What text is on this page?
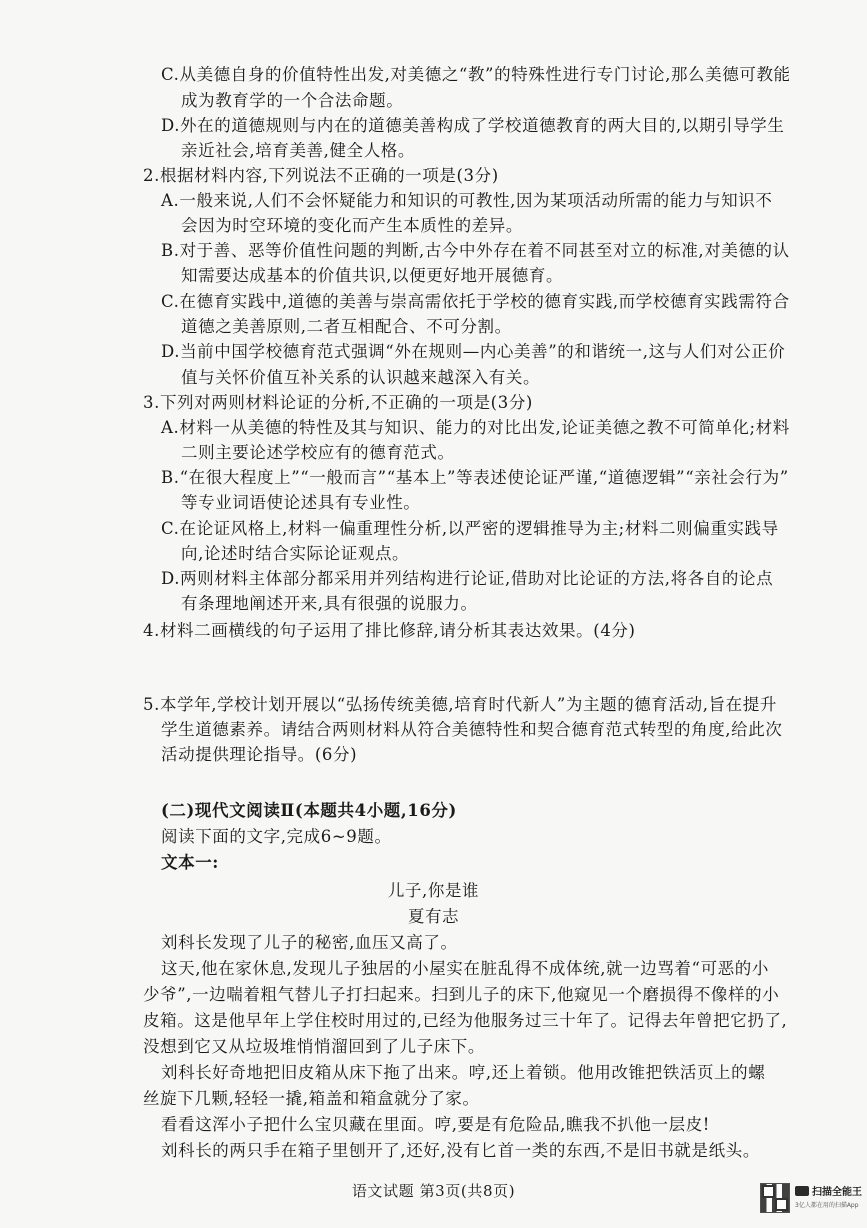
C.从美德自身的价值特性出发,对美德之“教”的特殊性进行专门讨论,那么美德可教能
成为教育学的一个合法命题。
D.外在的道德规则与内在的道德美善构成了学校道德教育的两大目的,以期引导学生
亲近社会,培育美善,健全人格。
2.根据材料内容,下列说法不正确的一项是(3分)
A.一般来说,人们不会怀疑能力和知识的可教性,因为某项活动所需的能力与知识不
会因为时空环境的变化而产生本质性的差异。
B.对于善、恶等价值性问题的判断,古今中外存在着不同甚至对立的标准,对美德的认
知需要达成基本的价值共识,以便更好地开展德育。
C.在德育实践中,道德的美善与崇高需依托于学校的德育实践,而学校德育实践需符合
道德之美善原则,二者互相配合、不可分割。
D.当前中国学校德育范式强调“外在规则—内心美善”的和谐统一,这与人们对公正价
值与关怀价值互补关系的认识越来越深入有关。
3.下列对两则材料论证的分析,不正确的一项是(3分)
A.材料一从美德的特性及其与知识、能力的对比出发,论证美德之教不可简单化;材料
二则主要论述学校应有的德育范式。
B.“在很大程度上”“一般而言”“基本上”等表述使论证严谨,“道德逻辑”“亲社会行为”
等专业词语使论述具有专业性。
C.在论证风格上,材料一偏重理性分析,以严密的逻辑推导为主;材料二则偏重实践导
向,论述时结合实际论证观点。
D.两则材料主体部分都采用并列结构进行论证,借助对比论证的方法,将各自的论点
有条理地阐述开来,具有很强的说服力。
4.材料二画横线的句子运用了排比修辞,请分析其表达效果。(4分)
5.本学年,学校计划开展以“弘扬传统美德,培育时代新人”为主题的德育活动,旨在提升
学生道德素养。请结合两则材料从符合美德特性和契合德育范式转型的角度,给此次
活动提供理论指导。(6分)
(二)现代文阅读Ⅱ(本题共4小题,16分)
阅读下面的文字,完成6~9题。
文本一:
儿子,你是谁
夏有志
刘科长发现了儿子的秘密,血压又高了。
这天,他在家休息,发现儿子独居的小屋实在脏乱得不成体统,就一边骂着“可恶的小
少爷”,一边喘着粗气替儿子打扫起来。扫到儿子的床下,他窥见一个磨损得不像样的小
皮箱。这是他早年上学住校时用过的,已经为他服务过三十年了。记得去年曾把它扔了,
没想到它又从垃圾堆悄悄溜回到了儿子床下。
刘科长好奇地把旧皮箱从床下拖了出来。哼,还上着锁。他用改锥把铁活页上的螺
丝旋下几颗,轻轻一撬,箱盖和箱盒就分了家。
看看这浑小子把什么宝贝藏在里面。哼,要是有危险品,瞧我不扒他一层皮!
刘科长的两只手在箱子里刨开了,还好,没有匕首一类的东西,不是旧书就是纸头。
语文试题 第3页(共8页)	扫描全能王
3亿人都在用的扫描App
